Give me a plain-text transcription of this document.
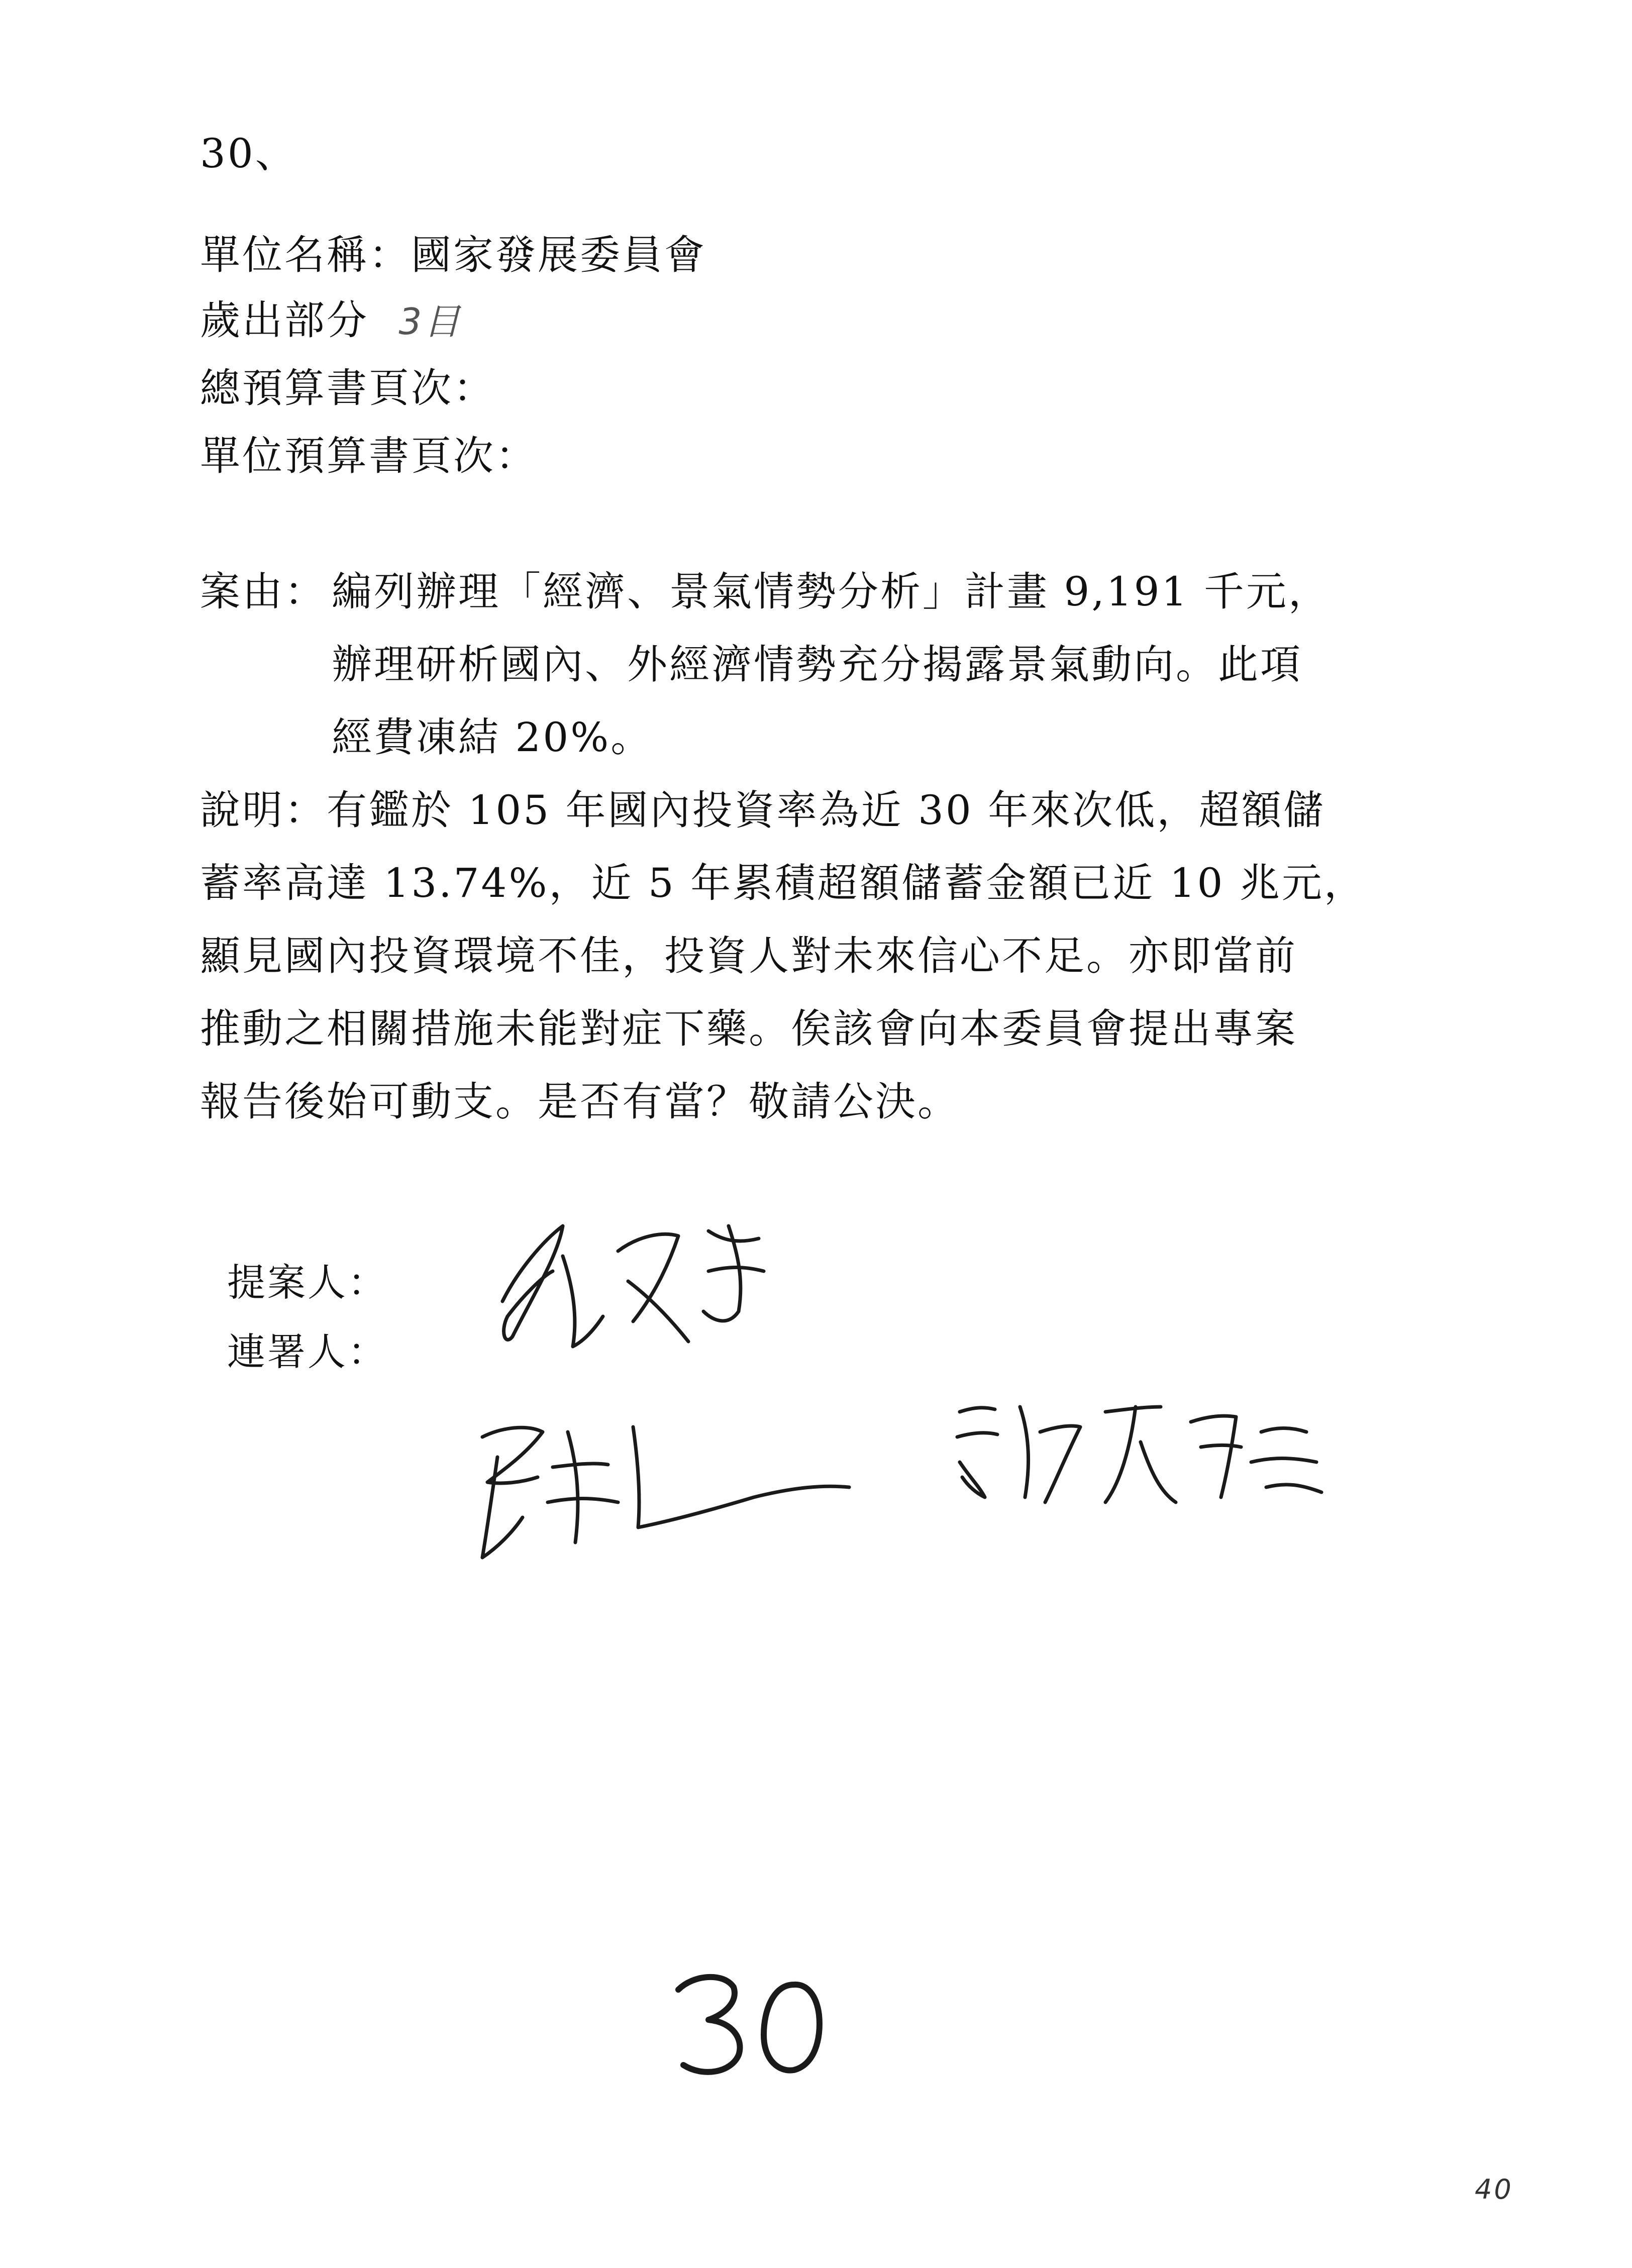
30、
單位名稱：國家發展委員會
歲出部分 3目
總預算書頁次：
單位預算書頁次：
案由： 編列辦理「經濟、景氣情勢分析」計畫 9,191 千元，
辦理研析國內、外經濟情勢充分揭露景氣動向。此項
經費凍結 20%。
說明：有鑑於 105 年國內投資率為近 30 年來次低，超額儲
蓄率高達 13.74%，近 5 年累積超額儲蓄金額已近 10 兆元，
顯見國內投資環境不佳，投資人對未來信心不足。亦即當前
推動之相關措施未能對症下藥。俟該會向本委員會提出專案
報告後始可動支。是否有當？敬請公決。
提案人：
連署人：
40
